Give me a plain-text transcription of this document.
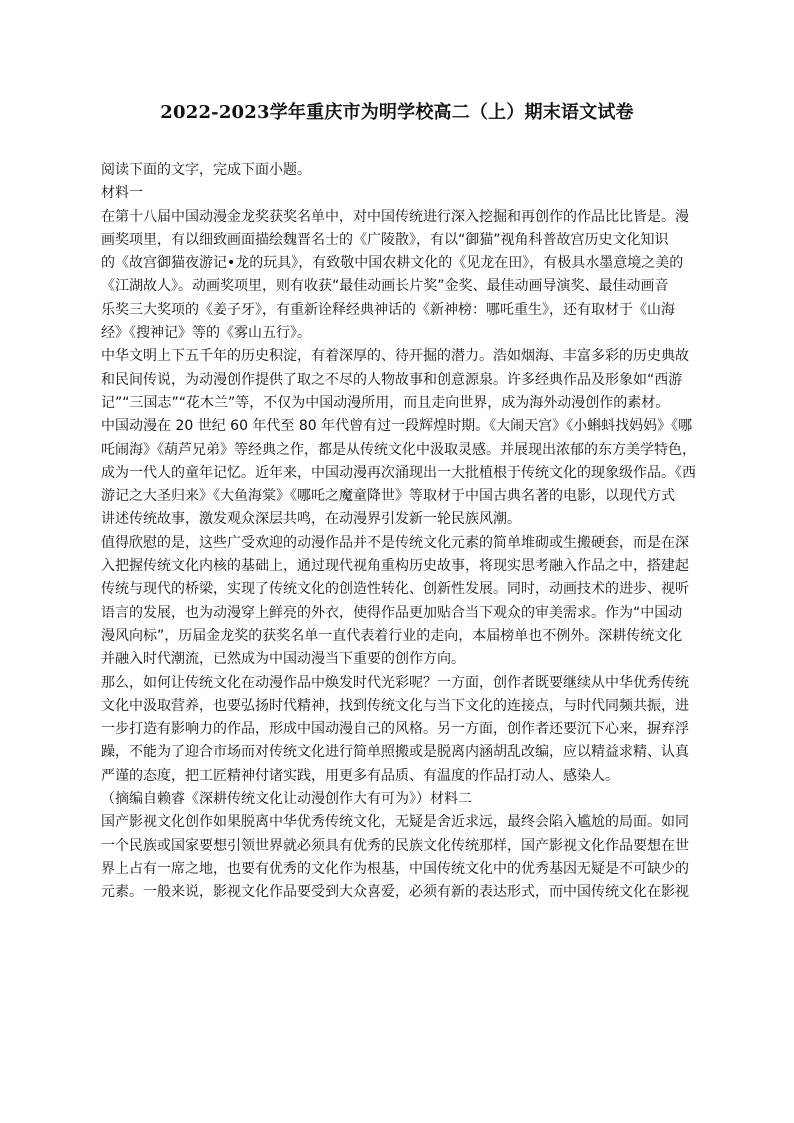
2022-2023学年重庆市为明学校高二（上）期末语文试卷
阅读下面的文字，完成下面小题。
材料一
在第十八届中国动漫金龙奖获奖名单中，对中国传统进行深入挖掘和再创作的作品比比皆是。漫
画奖项里，有以细致画面描绘魏晋名士的《广陵散》，有以“御猫”视角科普故宫历史文化知识
的《故宫御猫夜游记•龙的玩具》，有致敬中国农耕文化的《见龙在田》，有极具水墨意境之美的
《江湖故人》。动画奖项里，则有收获“最佳动画长片奖”金奖、最佳动画导演奖、最佳动画音
乐奖三大奖项的《姜子牙》，有重新诠释经典神话的《新神榜：哪吒重生》，还有取材于《山海
经》《搜神记》等的《雾山五行》。
中华文明上下五千年的历史积淀，有着深厚的、待开掘的潜力。浩如烟海、丰富多彩的历史典故
和民间传说，为动漫创作提供了取之不尽的人物故事和创意源泉。许多经典作品及形象如“西游
记”“三国志”“花木兰”等，不仅为中国动漫所用，而且走向世界，成为海外动漫创作的素材。
中国动漫在 20 世纪 60 年代至 80 年代曾有过一段辉煌时期。《大闹天宫》《小蝌蚪找妈妈》《哪
吒闹海》《葫芦兄弟》等经典之作，都是从传统文化中汲取灵感。并展现出浓郁的东方美学特色，
成为一代人的童年记忆。近年来，中国动漫再次涌现出一大批植根于传统文化的现象级作品。《西
游记之大圣归来》《大鱼海棠》《哪吒之魔童降世》等取材于中国古典名著的电影，以现代方式
讲述传统故事，激发观众深层共鸣，在动漫界引发新一轮民族风潮。
值得欣慰的是，这些广受欢迎的动漫作品并不是传统文化元素的简单堆砌或生搬硬套，而是在深
入把握传统文化内核的基础上，通过现代视角重构历史故事，将现实思考融入作品之中，搭建起
传统与现代的桥梁，实现了传统文化的创造性转化、创新性发展。同时，动画技术的进步、视听
语言的发展，也为动漫穿上鲜亮的外衣，使得作品更加贴合当下观众的审美需求。作为“中国动
漫风向标”，历届金龙奖的获奖名单一直代表着行业的走向，本届榜单也不例外。深耕传统文化
并融入时代潮流，已然成为中国动漫当下重要的创作方向。
那么，如何让传统文化在动漫作品中焕发时代光彩呢？一方面，创作者既要继续从中华优秀传统
文化中汲取营养，也要弘扬时代精神，找到传统文化与当下文化的连接点，与时代同频共振，进
一步打造有影响力的作品，形成中国动漫自己的风格。另一方面，创作者还要沉下心来，摒弃浮
躁，不能为了迎合市场而对传统文化进行简单照搬或是脱离内涵胡乱改编，应以精益求精、认真
严谨的态度，把工匠精神付诸实践，用更多有品质、有温度的作品打动人、感染人。
（摘编自赖睿《深耕传统文化让动漫创作大有可为》）材料二
国产影视文化创作如果脱离中华优秀传统文化，无疑是舍近求远，最终会陷入尴尬的局面。如同
一个民族或国家要想引领世界就必须具有优秀的民族文化传统那样，国产影视文化作品要想在世
界上占有一席之地，也要有优秀的文化作为根基，中国传统文化中的优秀基因无疑是不可缺少的
元素。一般来说，影视文化作品要受到大众喜爱，必须有新的表达形式，而中国传统文化在影视
